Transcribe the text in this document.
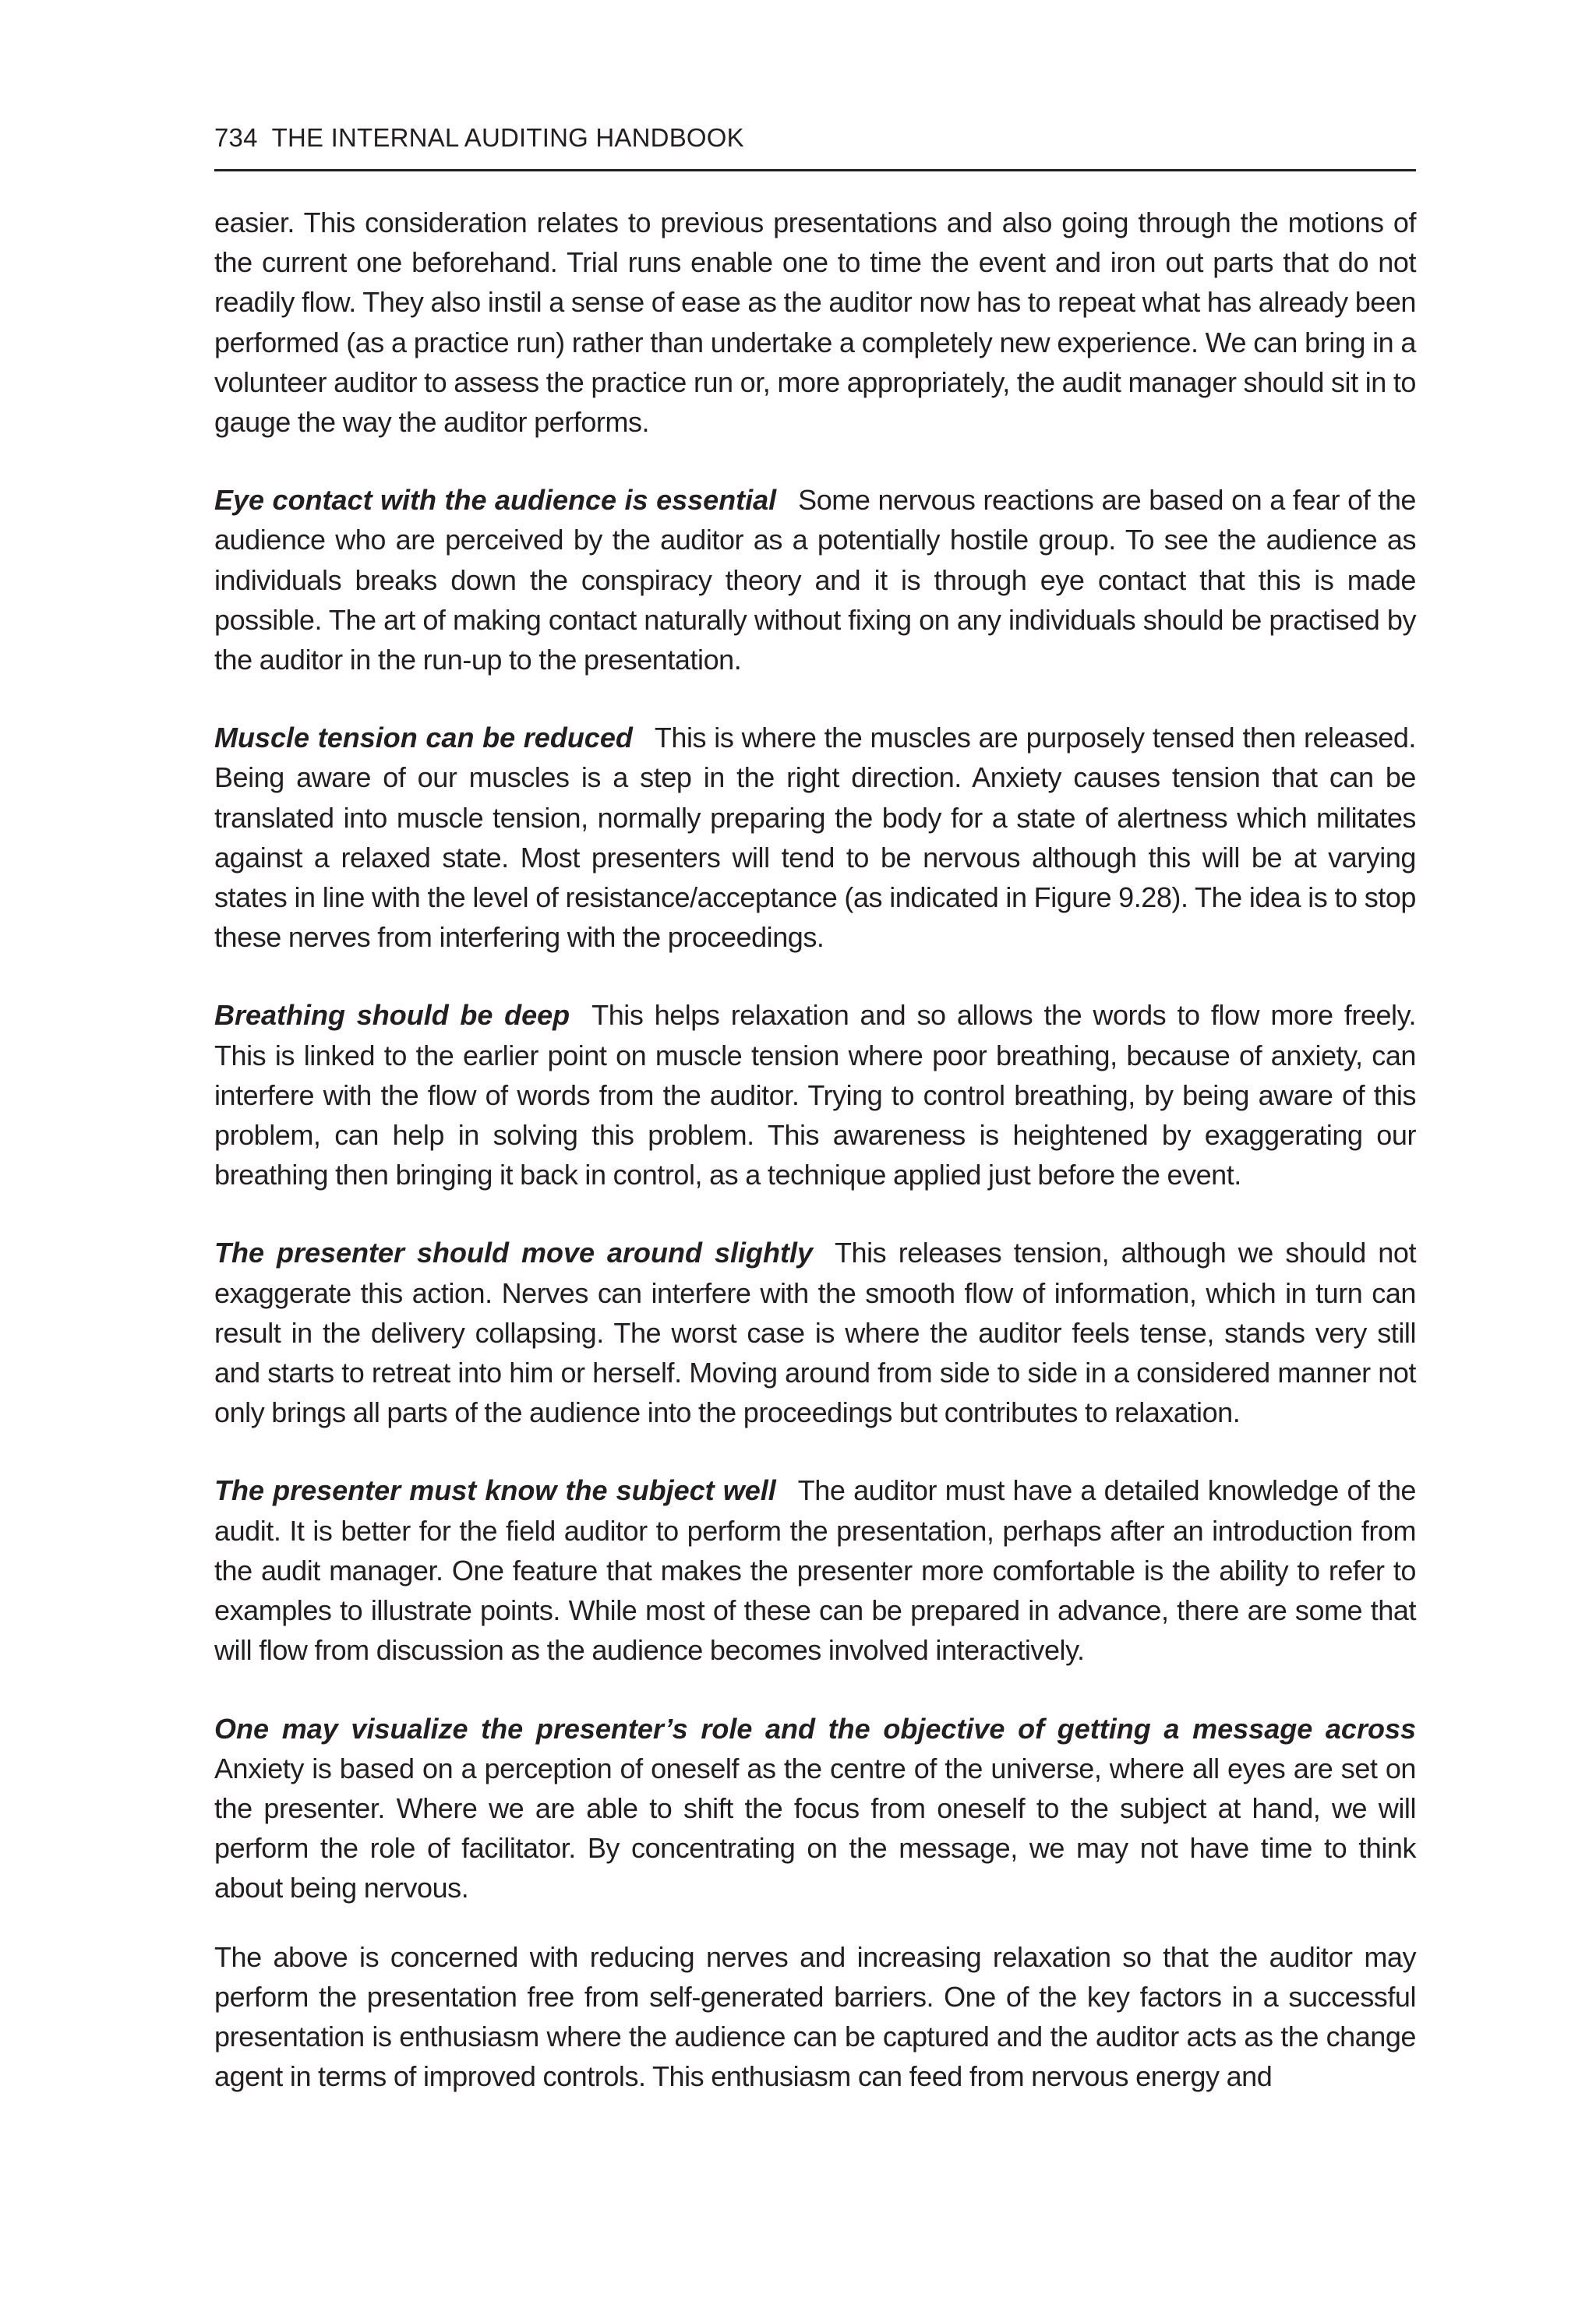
734 THE INTERNAL AUDITING HANDBOOK

easier. This consideration relates to previous presentations and also going through the motions of the current one beforehand. Trial runs enable one to time the event and iron out parts that do not readily flow. They also instil a sense of ease as the auditor now has to repeat what has already been performed (as a practice run) rather than undertake a completely new experience. We can bring in a volunteer auditor to assess the practice run or, more appropriately, the audit manager should sit in to gauge the way the auditor performs.

Eye contact with the audience is essential Some nervous reactions are based on a fear of the audience who are perceived by the auditor as a potentially hostile group. To see the audience as individuals breaks down the conspiracy theory and it is through eye contact that this is made possible. The art of making contact naturally without fixing on any individuals should be practised by the auditor in the run-up to the presentation.

Muscle tension can be reduced This is where the muscles are purposely tensed then released. Being aware of our muscles is a step in the right direction. Anxiety causes tension that can be translated into muscle tension, normally preparing the body for a state of alertness which militates against a relaxed state. Most presenters will tend to be nervous although this will be at varying states in line with the level of resistance/acceptance (as indicated in Figure 9.28). The idea is to stop these nerves from interfering with the proceedings.

Breathing should be deep This helps relaxation and so allows the words to flow more freely. This is linked to the earlier point on muscle tension where poor breathing, because of anxiety, can interfere with the flow of words from the auditor. Trying to control breathing, by being aware of this problem, can help in solving this problem. This awareness is heightened by exaggerating our breathing then bringing it back in control, as a technique applied just before the event.

The presenter should move around slightly This releases tension, although we should not exaggerate this action. Nerves can interfere with the smooth flow of information, which in turn can result in the delivery collapsing. The worst case is where the auditor feels tense, stands very still and starts to retreat into him or herself. Moving around from side to side in a considered manner not only brings all parts of the audience into the proceedings but contributes to relaxation.

The presenter must know the subject well The auditor must have a detailed knowledge of the audit. It is better for the field auditor to perform the presentation, perhaps after an introduction from the audit manager. One feature that makes the presenter more comfortable is the ability to refer to examples to illustrate points. While most of these can be prepared in advance, there are some that will flow from discussion as the audience becomes involved interactively.

One may visualize the presenter’s role and the objective of getting a message across
Anxiety is based on a perception of oneself as the centre of the universe, where all eyes are set on the presenter. Where we are able to shift the focus from oneself to the subject at hand, we will perform the role of facilitator. By concentrating on the message, we may not have time to think about being nervous.

The above is concerned with reducing nerves and increasing relaxation so that the auditor may perform the presentation free from self-generated barriers. One of the key factors in a successful presentation is enthusiasm where the audience can be captured and the auditor acts as the change agent in terms of improved controls. This enthusiasm can feed from nervous energy and
